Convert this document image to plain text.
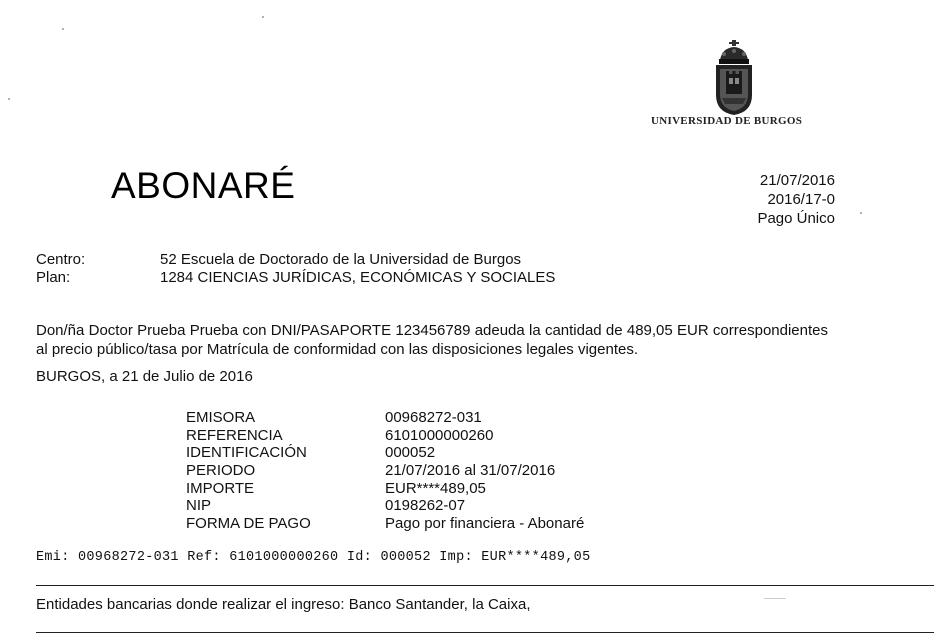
UNIVERSIDAD DE BURGOS
ABONARÉ	21/07/2016
2016/17-0
Pago Único
Centro:	52 Escuela de Doctorado de la Universidad de Burgos
Plan:	1284 CIENCIAS JURÍDICAS, ECONÓMICAS Y SOCIALES
Don/ña Doctor Prueba Prueba con DNI/PASAPORTE 123456789 adeuda la cantidad de 489,05 EUR correspondientes al precio público/tasa por Matrícula de conformidad con las disposiciones legales vigentes.
BURGOS, a 21 de Julio de 2016
EMISORA	00968272-031
REFERENCIA	6101000000260
IDENTIFICACIÓN	000052
PERIODO	21/07/2016 al 31/07/2016
IMPORTE	EUR****489,05
NIP	0198262-07
FORMA DE PAGO	Pago por financiera - Abonaré
Emi: 00968272-031 Ref: 6101000000260 Id: 000052 Imp: EUR****489,05
Entidades bancarias donde realizar el ingreso: Banco Santander, la Caixa,
